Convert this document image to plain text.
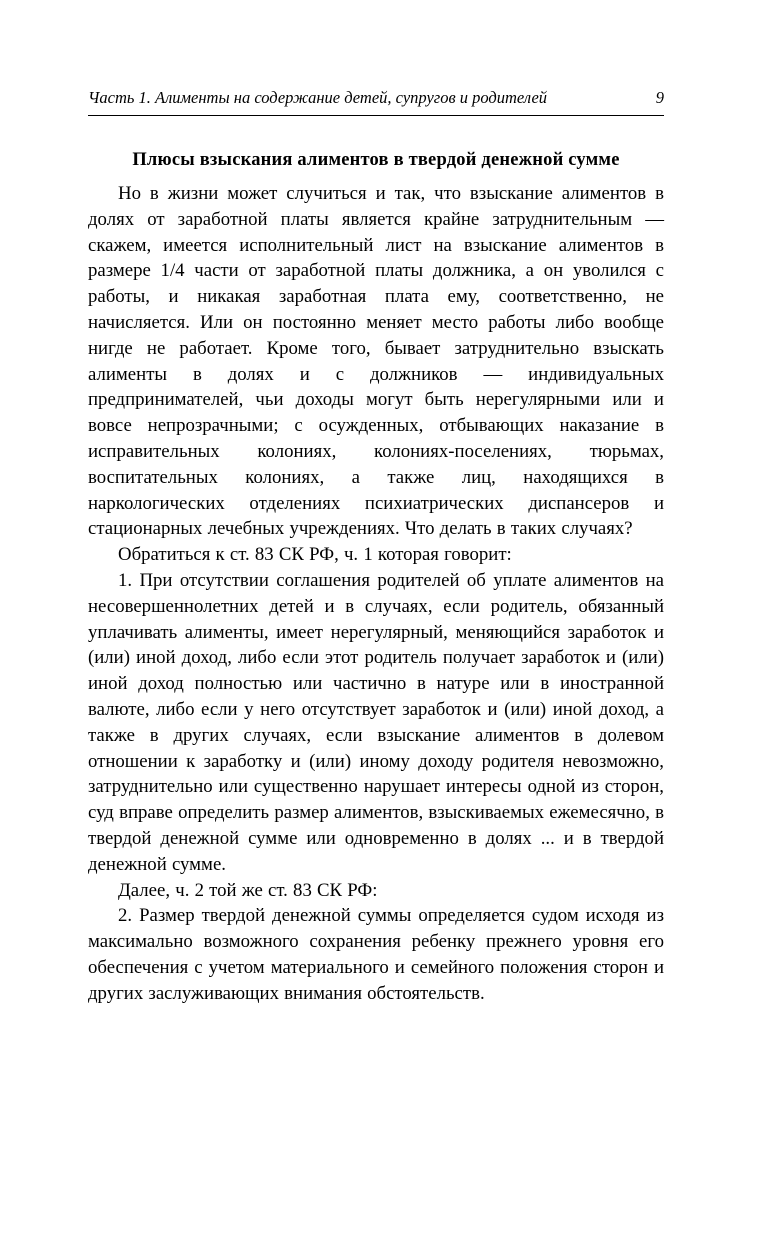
Часть 1. Алименты на содержание детей, супругов и родителей	9
Плюсы взыскания алиментов в твердой денежной сумме

Но в жизни может случиться и так, что взыскание алиментов в долях от заработной платы является крайне затруднительным — скажем, имеется исполнительный лист на взыскание алиментов в размере 1/4 части от заработной платы должника, а он уволился с работы, и никакая заработная плата ему, соответственно, не начисляется. Или он постоянно меняет место работы либо вообще нигде не работает. Кроме того, бывает затруднительно взыскать алименты в долях и с должников — индивидуальных предпринимателей, чьи доходы могут быть нерегулярными или и вовсе непрозрачными; с осужденных, отбывающих наказание в исправительных колониях, колониях-поселениях, тюрьмах, воспитательных колониях, а также лиц, находящихся в наркологических отделениях психиатрических диспансеров и стационарных лечебных учреждениях. Что делать в таких случаях?

Обратиться к ст. 83 СК РФ, ч. 1 которая говорит:

1. При отсутствии соглашения родителей об уплате алиментов на несовершеннолетних детей и в случаях, если родитель, обязанный уплачивать алименты, имеет нерегулярный, меняющийся заработок и (или) иной доход, либо если этот родитель получает заработок и (или) иной доход полностью или частично в натуре или в иностранной валюте, либо если у него отсутствует заработок и (или) иной доход, а также в других случаях, если взыскание алиментов в долевом отношении к заработку и (или) иному доходу родителя невозможно, затруднительно или существенно нарушает интересы одной из сторон, суд вправе определить размер алиментов, взыскиваемых ежемесячно, в твердой денежной сумме или одновременно в долях ... и в твердой денежной сумме.

Далее, ч. 2 той же ст. 83 СК РФ:

2. Размер твердой денежной суммы определяется судом исходя из максимально возможного сохранения ребенку прежнего уровня его обеспечения с учетом материального и семейного положения сторон и других заслуживающих внимания обстоятельств.
